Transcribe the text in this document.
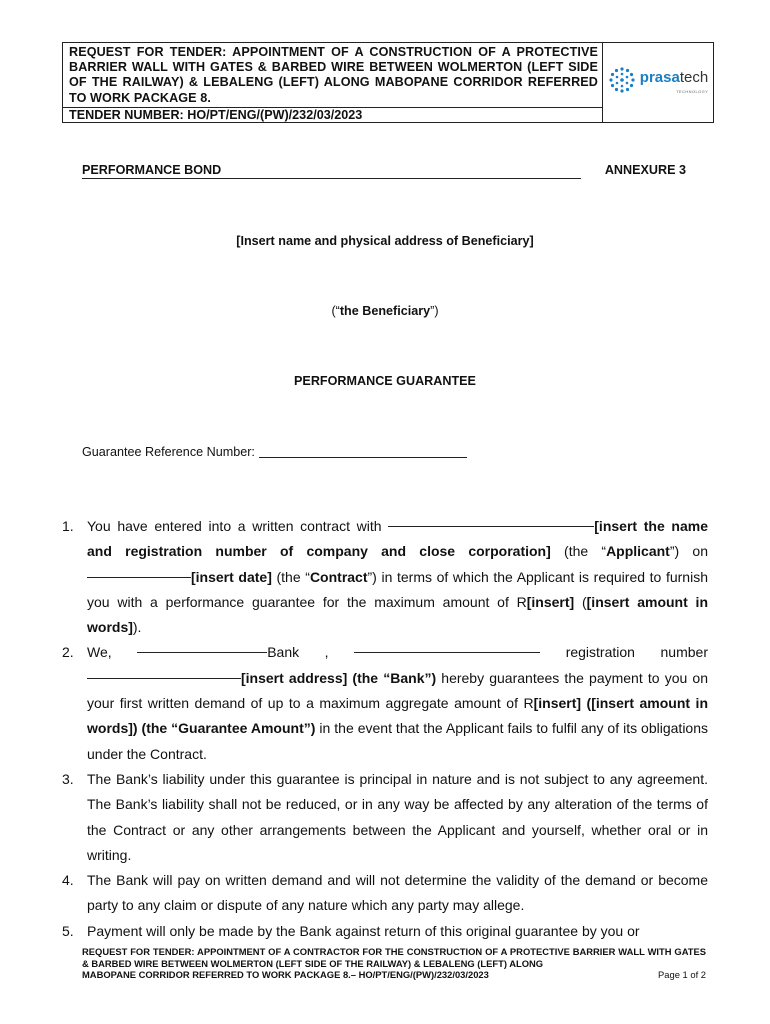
REQUEST FOR TENDER: APPOINTMENT OF A CONSTRUCTION OF A PROTECTIVE BARRIER WALL WITH GATES & BARBED WIRE BETWEEN WOLMERTON (LEFT SIDE OF THE RAILWAY) & LEBALENG (LEFT) ALONG MABOPANE CORRIDOR REFERRED TO WORK PACKAGE 8.
TENDER NUMBER: HO/PT/ENG/(PW)/232/03/2023
prasatech
TECHNOLOGY
PERFORMANCE BOND	ANNEXURE 3
[Insert name and physical address of Beneficiary]
(“the Beneficiary”)
PERFORMANCE GUARANTEE
Guarantee Reference Number:
1. You have entered into a written contract with	[insert the name and registration number of company and close corporation] (the “Applicant”) on[insert date] (the “Contract”) in terms of which the Applicant is required to furnish you with a performance guarantee for the maximum amount of R[insert] ([insert amount in words]).
2. We,	Bank ,	registration number [insert address] (the “Bank”) hereby guarantees the payment to you on your first written demand of up to a maximum aggregate amount of R[insert] ([insert amount in words]) (the “Guarantee Amount”) in the event that the Applicant fails to fulfil any of its obligations under the Contract.
3. The Bank’s liability under this guarantee is principal in nature and is not subject to any agreement. The Bank’s liability shall not be reduced, or in any way be affected by any alteration of the terms of the Contract or any other arrangements between the Applicant and yourself, whether oral or in writing.
4. The Bank will pay on written demand and will not determine the validity of the demand or become party to any claim or dispute of any nature which any party may allege.
5. Payment will only be made by the Bank against return of this original guarantee by you or
REQUEST FOR TENDER: APPOINTMENT OF A CONTRACTOR FOR THE CONSTRUCTION OF A PROTECTIVE BARRIER WALL WITH GATES & BARBED WIRE BETWEEN WOLMERTON (LEFT SIDE OF THE RAILWAY) & LEBALENG (LEFT) ALONG
MABOPANE CORRIDOR REFERRED TO WORK PACKAGE 8.– HO/PT/ENG/(PW)/232/03/2023	Page 1 of 2
